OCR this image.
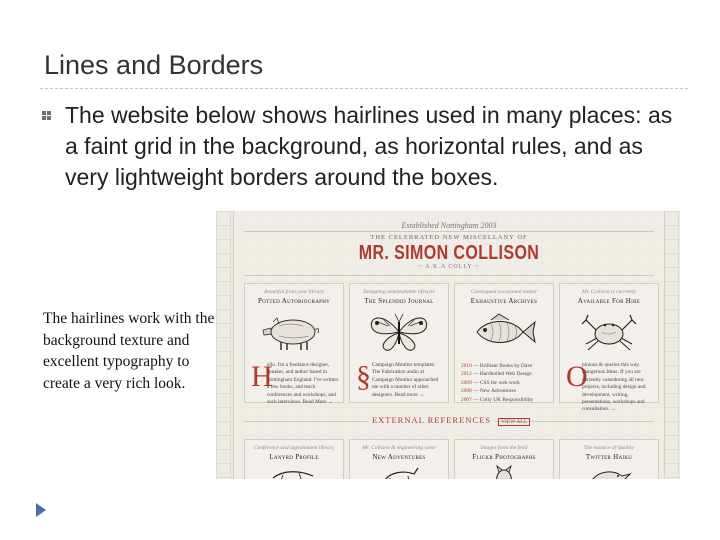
Lines and Borders
The website below shows hairlines used in many places: as a faint grid in the background, as horizontal rules, and as very lightweight borders around the boxes.
The hairlines work with the background texture and excellent typography to create a very rich look.
Established Nottingham 2003
THE CELEBRATED NEW MISCELLANY OF
MR. SIMON COLLISON
~ A.K.A COLLY ~
Beautiful from your library
Potted Autobiography
H
ello. I'm a freelance designer, speaker, and author based in Nottingham England. I've written a few books, and teach conferences and workshops, and such interviews. Read More →
Designing unmistakable lifestyle
The Splendid Journal
§ Campaign Monitor templates. The Fabrication audio at Campaign Monitor approached me with a number of other designers. Read more →
Catalogued occasional matter
Exhaustive Archives
2010 — Brilliant Books by Dave
2012 — Hardboiled Web Design
2009 — CSS for web work
2008 — New Adventures
2007 — Colly UK Responsibility
Mr. Collison is currently
Available For Hire
O
pinions & queries this way. Dangerous Ideas. If you are currently considering all new projects, including design and development, writing, presentations, workshops and consultation. →
EXTERNAL REFERENCES VIEW ALL
Conference and appointment library
Lanyrd Profile
Mr. Collison & engineering some
New Adventures
Images from the field
Flickr Photographs
The essence of Quality
Twitter Haiku
